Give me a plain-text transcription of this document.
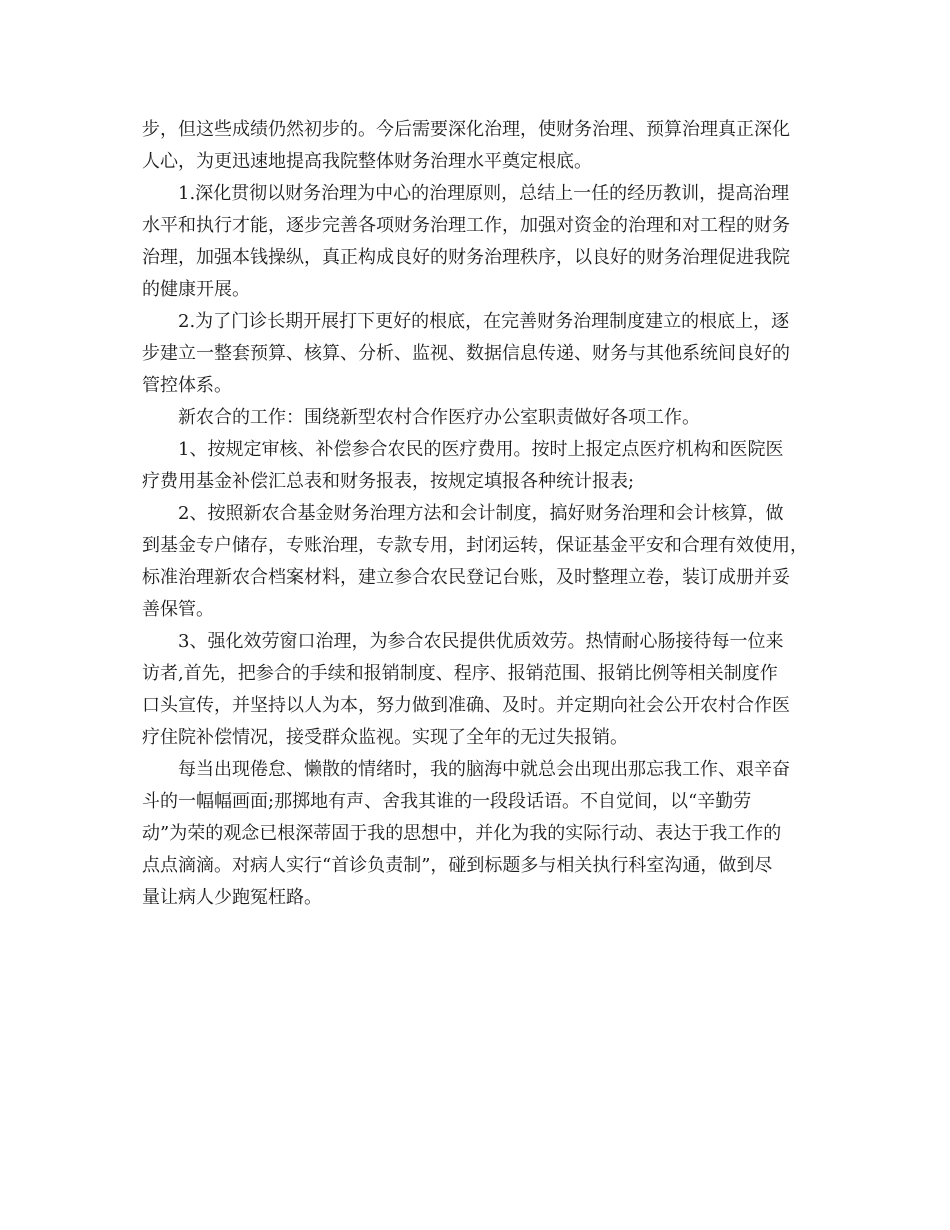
步，但这些成绩仍然初步的。今后需要深化治理，使财务治理、预算治理真正深化
人心，为更迅速地提高我院整体财务治理水平奠定根底。
1.深化贯彻以财务治理为中心的治理原则，总结上一任的经历教训，提高治理
水平和执行才能，逐步完善各项财务治理工作，加强对资金的治理和对工程的财务
治理，加强本钱操纵，真正构成良好的财务治理秩序，以良好的财务治理促进我院
的健康开展。
2.为了门诊长期开展打下更好的根底，在完善财务治理制度建立的根底上，逐
步建立一整套预算、核算、分析、监视、数据信息传递、财务与其他系统间良好的
管控体系。
新农合的工作：围绕新型农村合作医疗办公室职责做好各项工作。
1、按规定审核、补偿参合农民的医疗费用。按时上报定点医疗机构和医院医
疗费用基金补偿汇总表和财务报表，按规定填报各种统计报表;
2、按照新农合基金财务治理方法和会计制度，搞好财务治理和会计核算，做
到基金专户储存，专账治理，专款专用，封闭运转，保证基金平安和合理有效使用，
标准治理新农合档案材料，建立参合农民登记台账，及时整理立卷，装订成册并妥
善保管。
3、强化效劳窗口治理，为参合农民提供优质效劳。热情耐心肠接待每一位来
访者,首先，把参合的手续和报销制度、程序、报销范围、报销比例等相关制度作
口头宣传，并坚持以人为本，努力做到准确、及时。并定期向社会公开农村合作医
疗住院补偿情况，接受群众监视。实现了全年的无过失报销。
每当出现倦怠、懒散的情绪时，我的脑海中就总会出现出那忘我工作、艰辛奋
斗的一幅幅画面;那掷地有声、舍我其谁的一段段话语。不自觉间，以“辛勤劳
动”为荣的观念已根深蒂固于我的思想中，并化为我的实际行动、表达于我工作的
点点滴滴。对病人实行“首诊负责制”，碰到标题多与相关执行科室沟通，做到尽
量让病人少跑冤枉路。
